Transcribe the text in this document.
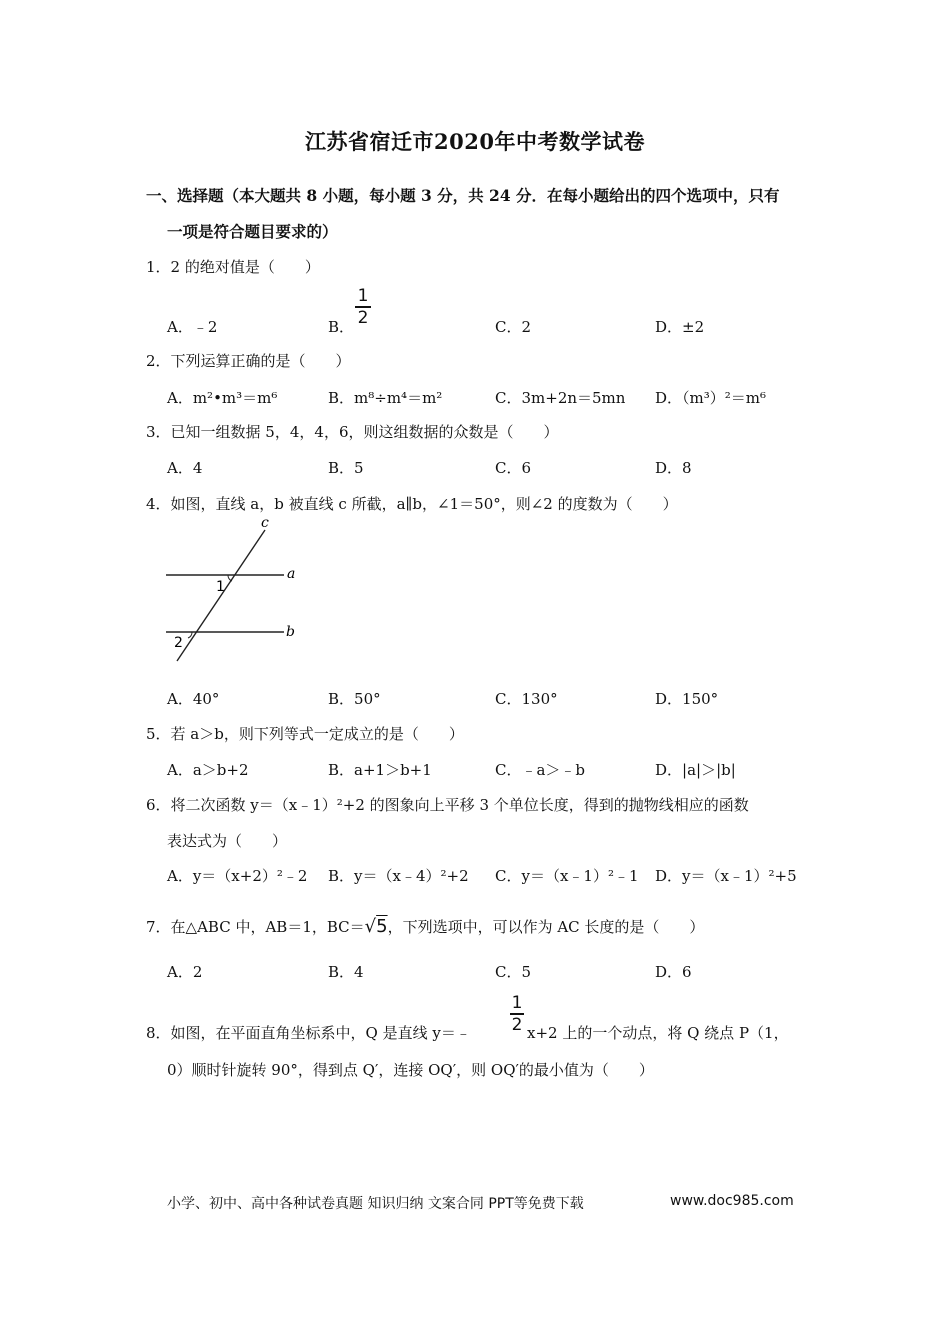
江苏省宿迁市2020年中考数学试卷
一、选择题（本大题共 8 小题，每小题 3 分，共 24 分．在每小题给出的四个选项中，只有
一项是符合题目要求的）
1．2 的绝对值是（　　）
A．﹣2	B．
1
2	C．2	D．±2
2．下列运算正确的是（　　）
A．m²•m³＝m⁶	B．m⁸÷m⁴＝m²	C．3m+2n＝5mn D．（m³）²＝m⁶
3．已知一组数据 5，4，4，6，则这组数据的众数是（　　）
A．4	B．5	C．6	D．8
4．如图，直线 a，b 被直线 c 所截，a∥b，∠1＝50°，则∠2 的度数为（　　）
c
a
b
1
2
A．40°	B．50°	C．130°	D．150°
5．若 a＞b，则下列等式一定成立的是（　　）
A．a＞b+2	B．a+1＞b+1	C．﹣a＞﹣b	D．|a|＞|b|
6．将二次函数 y＝（x﹣1）²+2 的图象向上平移 3 个单位长度，得到的抛物线相应的函数
表达式为（　　）
A．y＝（x+2）²﹣2 B．y＝（x﹣4）²+2 C．y＝（x﹣1）²﹣1 D．y＝（x﹣1）²+5
7．在△ABC 中，AB＝1，BC＝√5，下列选项中，可以作为 AC 长度的是（　　）
A．2	B．4	C．5	D．6
8．如图，在平面直角坐标系中，Q 是直线 y＝﹣
1
2 x+2 上的一个动点，将 Q 绕点 P（1，
0）顺时针旋转 90°，得到点 Q′，连接 OQ′，则 OQ′的最小值为（　　）
小学、初中、高中各种试卷真题 知识归纳 文案合同 PPT等免费下载	www.doc985.com
